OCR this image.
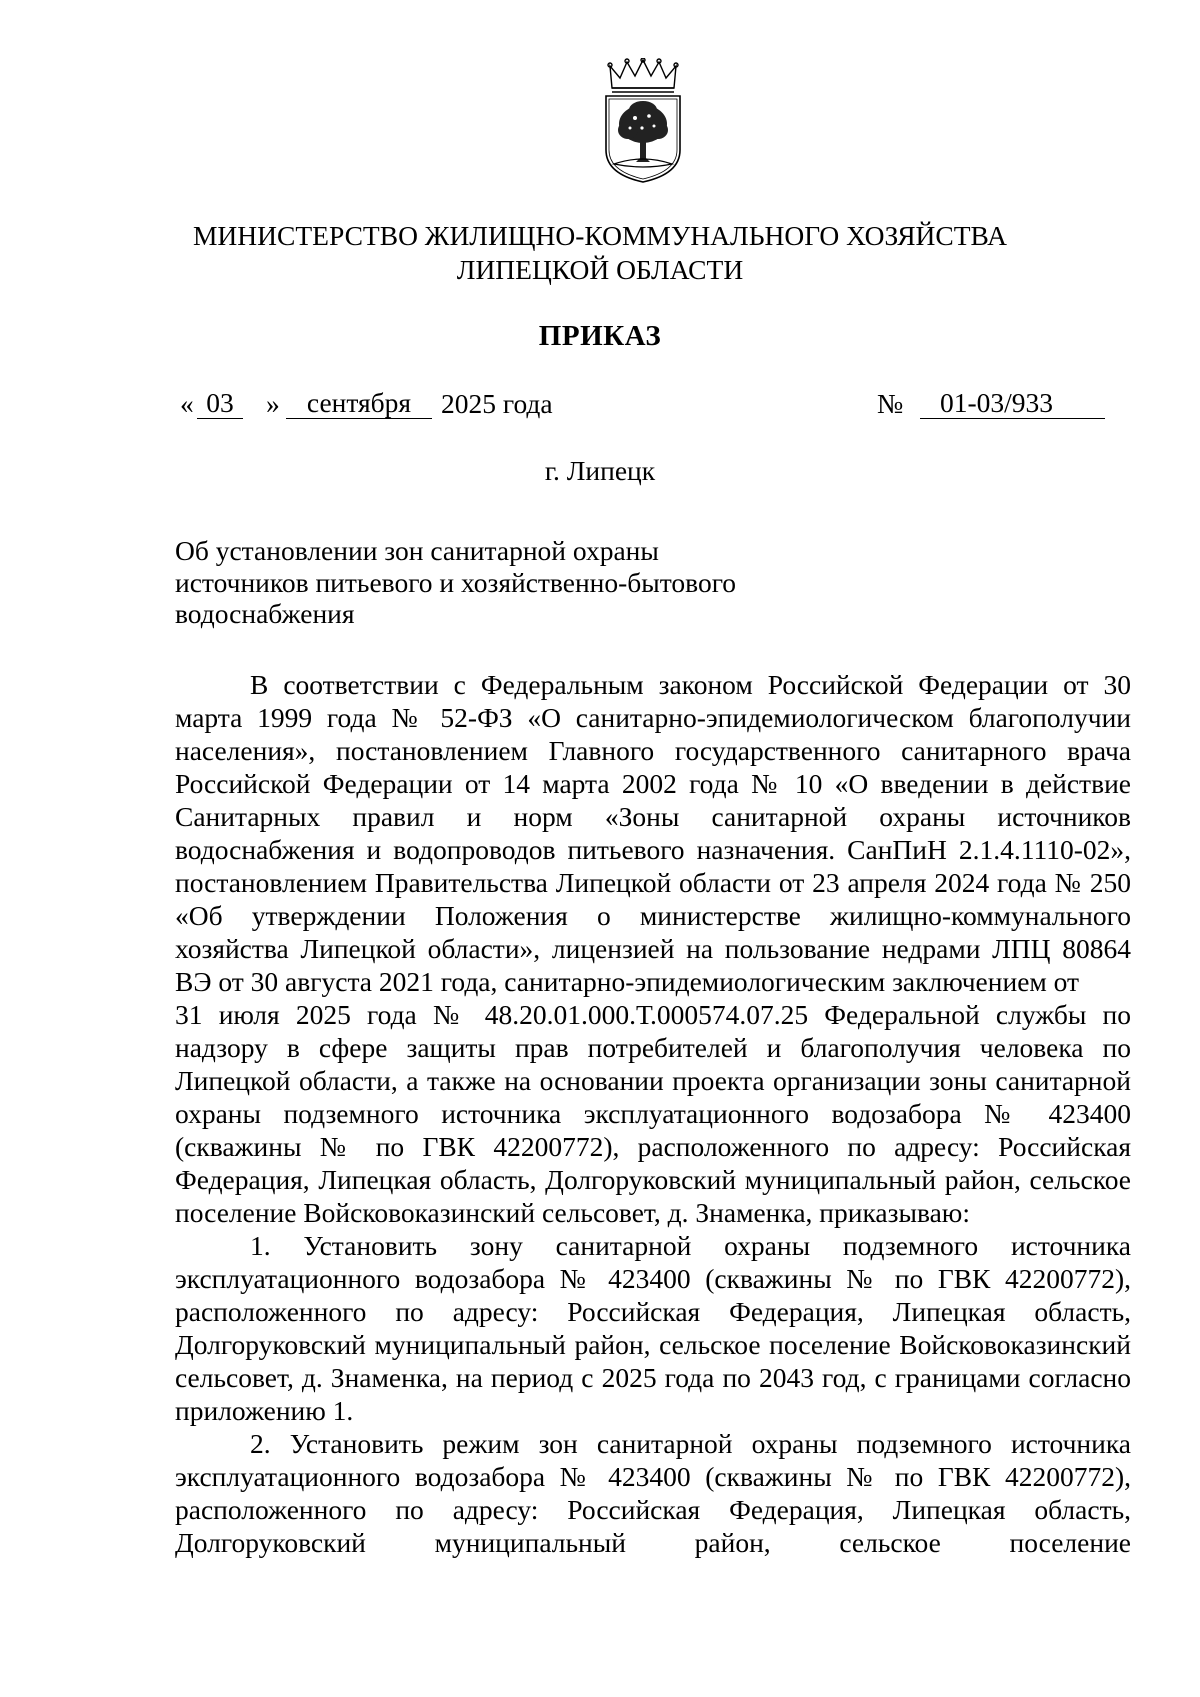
МИНИСТЕРСТВО ЖИЛИЩНО-КОММУНАЛЬНОГО ХОЗЯЙСТВА
ЛИПЕЦКОЙ ОБЛАСТИ
ПРИКАЗ
« 03	» сентября	2025 года	№	01-03/933
г. Липецк
Об установлении зон санитарной охраны
источников питьевого и хозяйственно-бытового
водоснабжения

В соответствии с Федеральным законом Российской Федерации от 30 марта 1999 года № 52-ФЗ «О санитарно-эпидемиологическом благополучии населения», постановлением Главного государственного санитарного врача Российской Федерации от 14 марта 2002 года № 10 «О введении в действие Санитарных правил и норм «Зоны санитарной охраны источников водоснабжения и водопроводов питьевого назначения. СанПиН 2.1.4.1110-02», постановлением Правительства Липецкой области от 23 апреля 2024 года № 250 «Об утверждении Положения о министерстве жилищно-коммунального хозяйства Липецкой области», лицензией на пользование недрами ЛПЦ 80864 ВЭ от 30 августа 2021 года, санитарно-эпидемиологическим заключением от

31 июля 2025 года № 48.20.01.000.Т.000574.07.25 Федеральной службы по надзору в сфере защиты прав потребителей и благополучия человека по Липецкой области, а также на основании проекта организации зоны санитарной охраны подземного источника эксплуатационного водозабора № 423400 (скважины № по ГВК 42200772), расположенного по адресу: Российская Федерация, Липецкая область, Долгоруковский муниципальный район, сельское поселение Войсковоказинский сельсовет, д. Знаменка, приказываю:

1. Установить зону санитарной охраны подземного источника эксплуатационного водозабора № 423400 (скважины № по ГВК 42200772), расположенного по адресу: Российская Федерация, Липецкая область, Долгоруковский муниципальный район, сельское поселение Войсковоказинский сельсовет, д. Знаменка, на период с 2025 года по 2043 год, с границами согласно приложению 1.

2. Установить режим зон санитарной охраны подземного источника эксплуатационного водозабора № 423400 (скважины № по ГВК 42200772), расположенного по адресу: Российская Федерация, Липецкая область, Долгоруковский муниципальный район, сельское поселение
